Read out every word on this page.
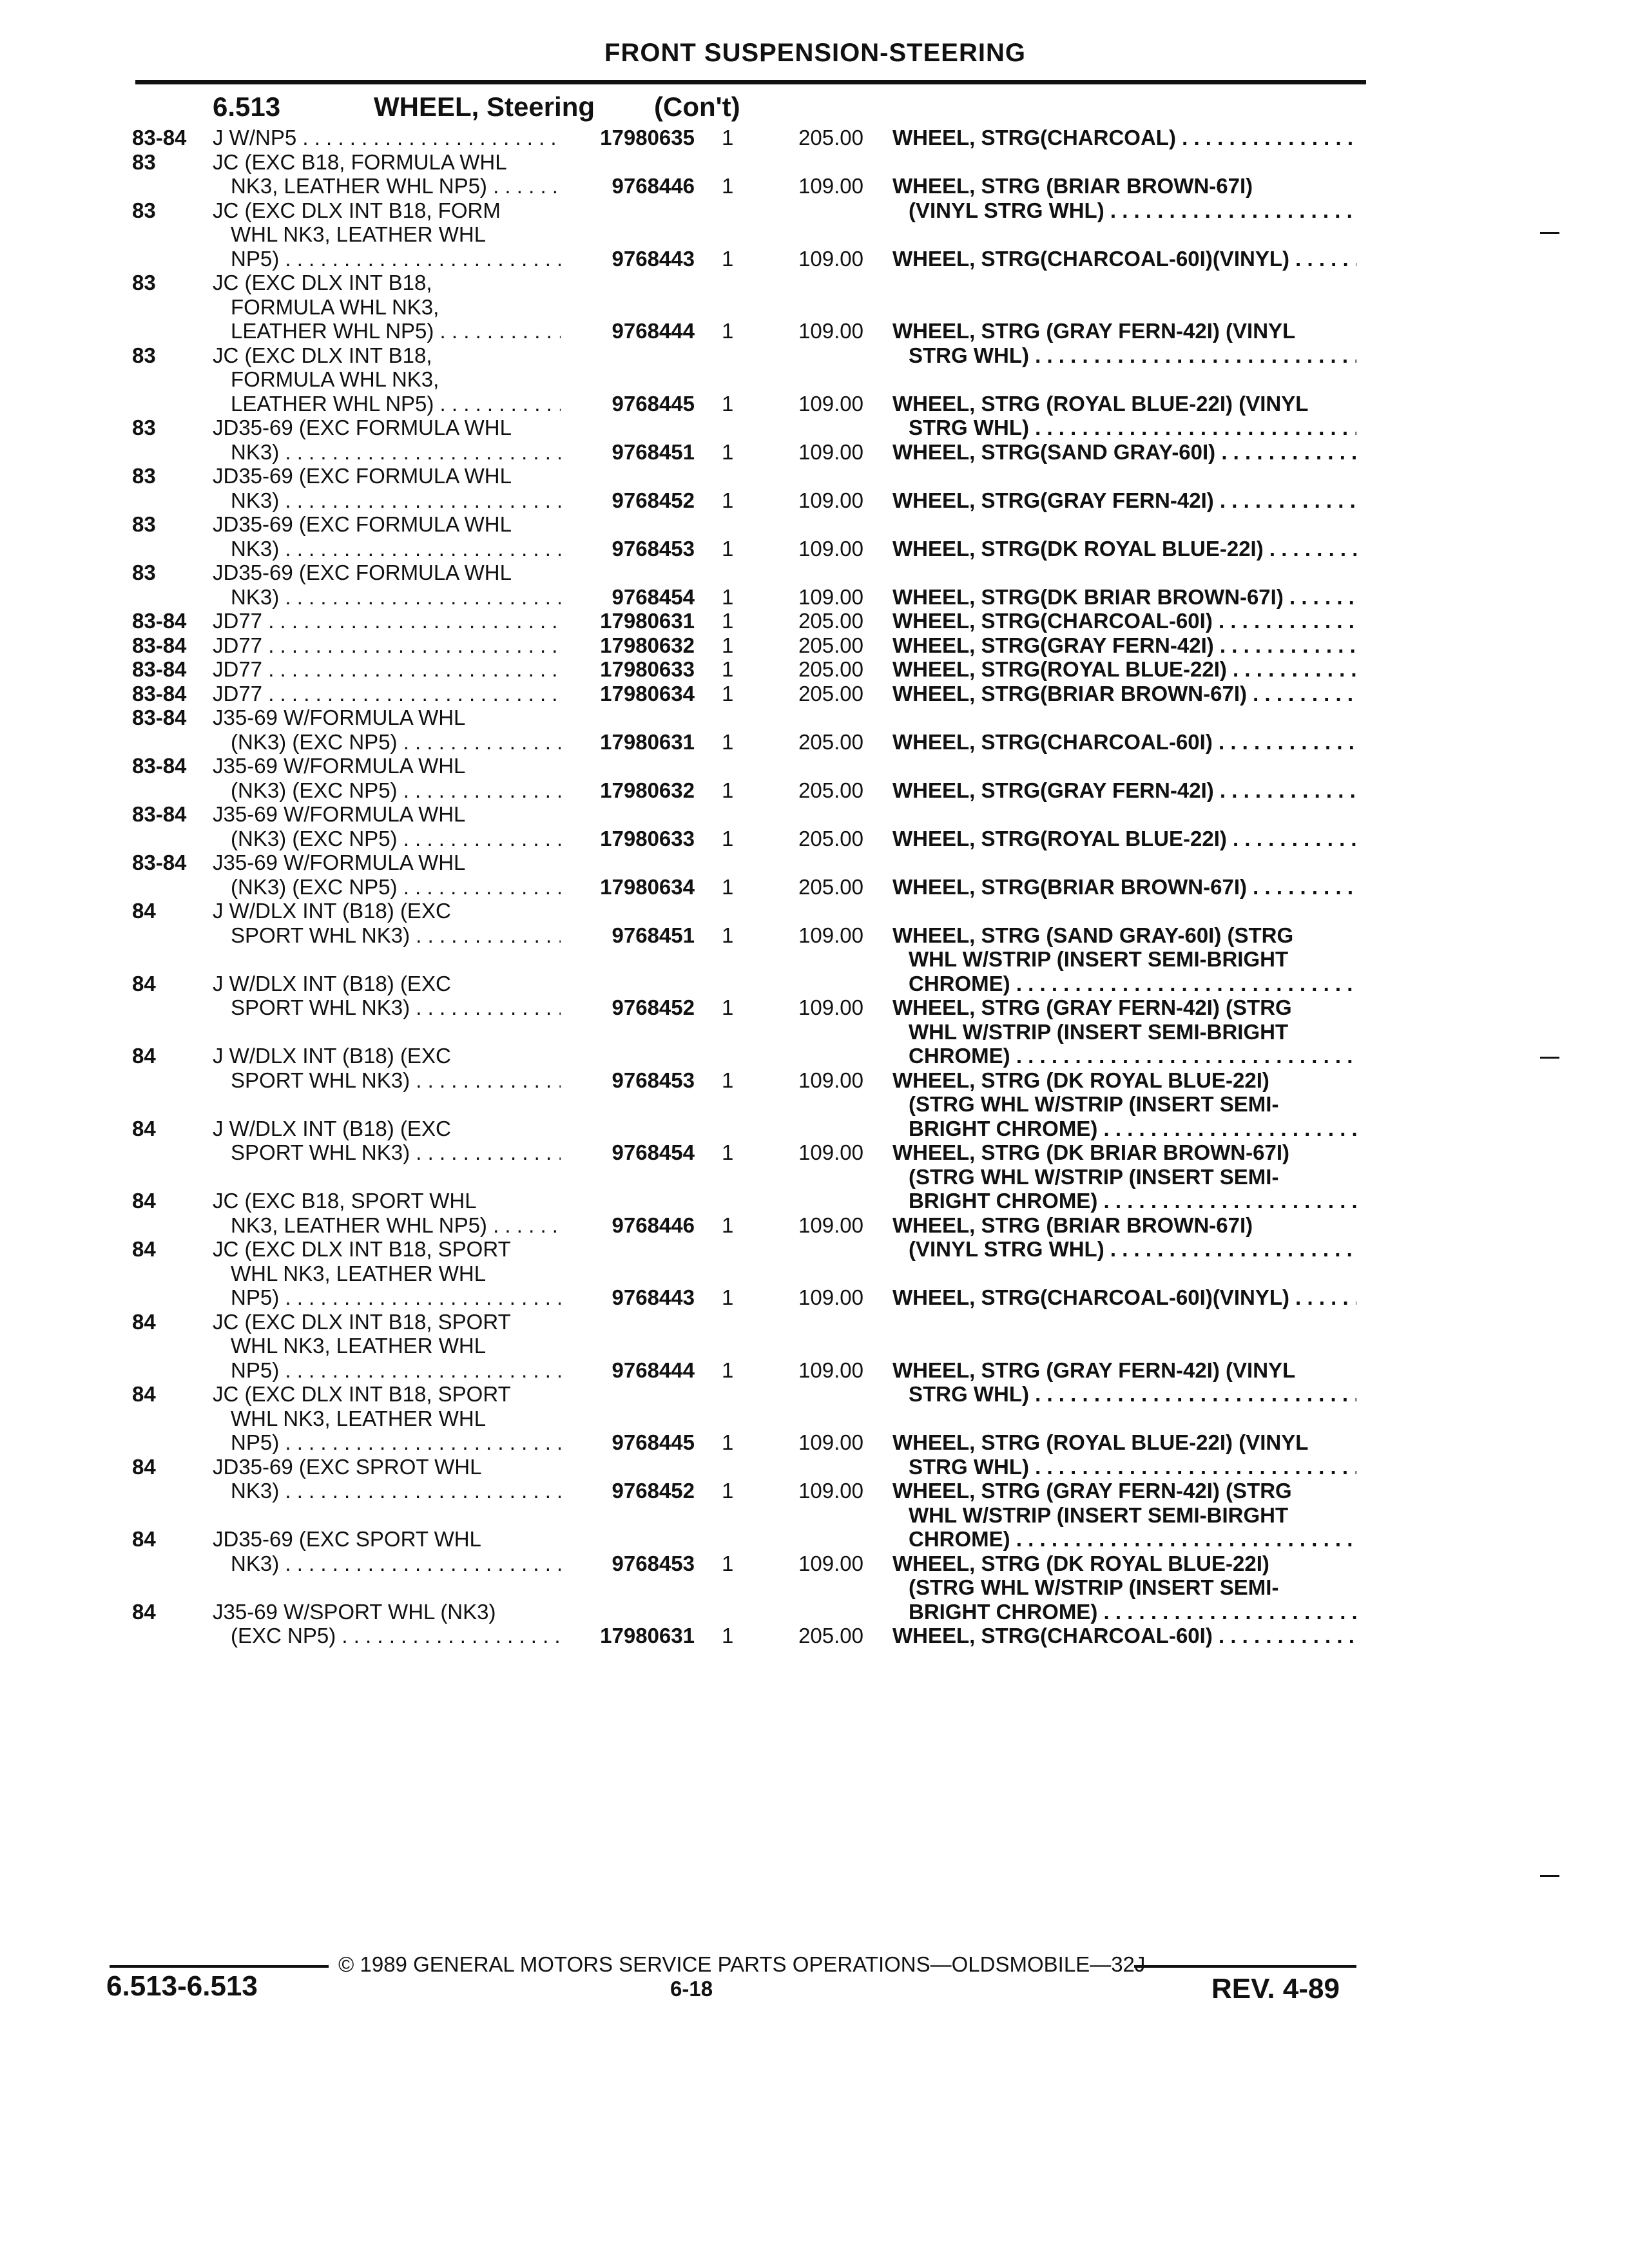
FRONT SUSPENSION-STEERING
6.513	WHEEL, Steering (Con't)
83-84 J W/NP5 . . .	17980635 1	205.00 WHEEL, STRG(CHARCOAL) . . .
83	JC (EXC B18, FORMULA WHL
NK3, LEATHER WHL NP5) . . .	9768446 1	109.00 WHEEL, STRG (BRIAR BROWN-67I)
(VINYL STRG WHL) . . .
83	JC (EXC DLX INT B18, FORM
WHL NK3, LEATHER WHL
NP5) . . .	9768443 1	109.00 WHEEL, STRG(CHARCOAL-60I)(VINYL) . . .
83	JC (EXC DLX INT B18,
FORMULA WHL NK3,
LEATHER WHL NP5) . . .	9768444 1	109.00 WHEEL, STRG (GRAY FERN-42I) (VINYL
STRG WHL) . . .
83	JC (EXC DLX INT B18,
FORMULA WHL NK3,
LEATHER WHL NP5) . . .	9768445 1	109.00 WHEEL, STRG (ROYAL BLUE-22I) (VINYL
STRG WHL) . . .
83	JD35-69 (EXC FORMULA WHL
NK3) . . .	9768451 1	109.00 WHEEL, STRG(SAND GRAY-60I) . . .
83	JD35-69 (EXC FORMULA WHL
NK3) . . .	9768452 1	109.00 WHEEL, STRG(GRAY FERN-42I) . . .
83	JD35-69 (EXC FORMULA WHL
NK3) . . .	9768453 1	109.00 WHEEL, STRG(DK ROYAL BLUE-22I) . . .
83	JD35-69 (EXC FORMULA WHL
NK3) . . .	9768454 1	109.00 WHEEL, STRG(DK BRIAR BROWN-67I) . . .
83-84 JD77 . . .	17980631 1	205.00 WHEEL, STRG(CHARCOAL-60I) . . .
83-84 JD77 . . .	17980632 1	205.00 WHEEL, STRG(GRAY FERN-42I) . . .
83-84 JD77 . . .	17980633 1	205.00 WHEEL, STRG(ROYAL BLUE-22I) . . .
83-84 JD77 . . .	17980634 1	205.00 WHEEL, STRG(BRIAR BROWN-67I) . . .
83-84 J35-69 W/FORMULA WHL
(NK3) (EXC NP5) . . .	17980631 1	205.00 WHEEL, STRG(CHARCOAL-60I) . . .
83-84 J35-69 W/FORMULA WHL
(NK3) (EXC NP5) . . .	17980632 1	205.00 WHEEL, STRG(GRAY FERN-42I) . . .
83-84 J35-69 W/FORMULA WHL
(NK3) (EXC NP5) . . .	17980633 1	205.00 WHEEL, STRG(ROYAL BLUE-22I) . . .
83-84 J35-69 W/FORMULA WHL
(NK3) (EXC NP5) . . .	17980634 1	205.00 WHEEL, STRG(BRIAR BROWN-67I) . . .
84	J W/DLX INT (B18) (EXC
SPORT WHL NK3) . . .	9768451 1	109.00 WHEEL, STRG (SAND GRAY-60I) (STRG
WHL W/STRIP (INSERT SEMI-BRIGHT
CHROME) . . .
84	J W/DLX INT (B18) (EXC
SPORT WHL NK3) . . .	9768452 1	109.00 WHEEL, STRG (GRAY FERN-42I) (STRG
WHL W/STRIP (INSERT SEMI-BRIGHT
CHROME) . . .
84	J W/DLX INT (B18) (EXC
SPORT WHL NK3) . . .	9768453 1	109.00 WHEEL, STRG (DK ROYAL BLUE-22I)
(STRG WHL W/STRIP (INSERT SEMI-
BRIGHT CHROME) . . .
84	J W/DLX INT (B18) (EXC
SPORT WHL NK3) . . .	9768454 1	109.00 WHEEL, STRG (DK BRIAR BROWN-67I)
(STRG WHL W/STRIP (INSERT SEMI-
BRIGHT CHROME) . . .
84	JC (EXC B18, SPORT WHL
NK3, LEATHER WHL NP5) . . .	9768446 1	109.00 WHEEL, STRG (BRIAR BROWN-67I)
(VINYL STRG WHL) . . .
84	JC (EXC DLX INT B18, SPORT
WHL NK3, LEATHER WHL
NP5) . . .	9768443 1	109.00 WHEEL, STRG(CHARCOAL-60I)(VINYL) . . .
84	JC (EXC DLX INT B18, SPORT
WHL NK3, LEATHER WHL
NP5) . . .	9768444 1	109.00 WHEEL, STRG (GRAY FERN-42I) (VINYL
STRG WHL) . . .
84	JC (EXC DLX INT B18, SPORT
WHL NK3, LEATHER WHL
NP5) . . .	9768445 1	109.00 WHEEL, STRG (ROYAL BLUE-22I) (VINYL
STRG WHL) . . .
84	JD35-69 (EXC SPROT WHL
NK3) . . .	9768452 1	109.00 WHEEL, STRG (GRAY FERN-42I) (STRG
WHL W/STRIP (INSERT SEMI-BIRGHT
CHROME) . . .
84	JD35-69 (EXC SPORT WHL
NK3) . . .	9768453 1	109.00 WHEEL, STRG (DK ROYAL BLUE-22I)
(STRG WHL W/STRIP (INSERT SEMI-
BRIGHT CHROME) . . .
84	J35-69 W/SPORT WHL (NK3)
(EXC NP5) . . .	17980631 1	205.00 WHEEL, STRG(CHARCOAL-60I) . . .
© 1989 GENERAL MOTORS SERVICE PARTS OPERATIONS—OLDSMOBILE—32J
6.513-6.513	6-18	REV. 4-89
